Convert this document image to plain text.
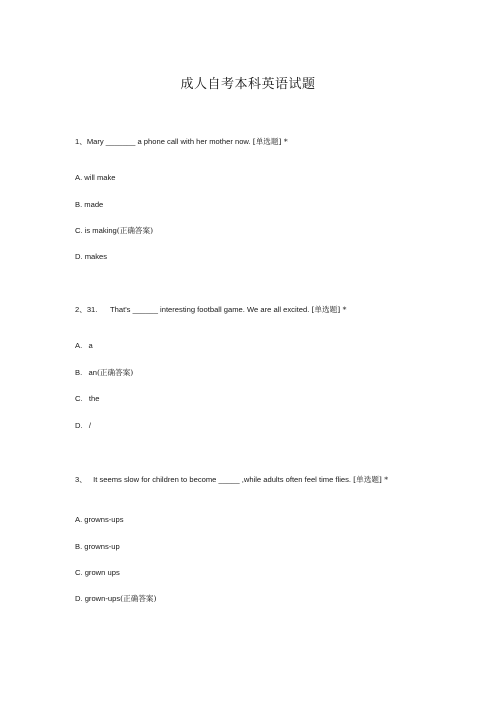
成人自考本科英语试题
1、Mary _______ a phone call with her mother now. [单选题] *
A. will make
B. made
C. is making(正确答案)
D. makes
2、31.      That's ______ interesting football game. We are all excited. [单选题] *
A.   a
B.   an(正确答案)
C.   the
D.   /
3、   It seems slow for children to become _____ ,while adults often feel time flies. [单选题] *
A. growns-ups
B. growns-up
C. grown ups
D. grown-ups(正确答案)
